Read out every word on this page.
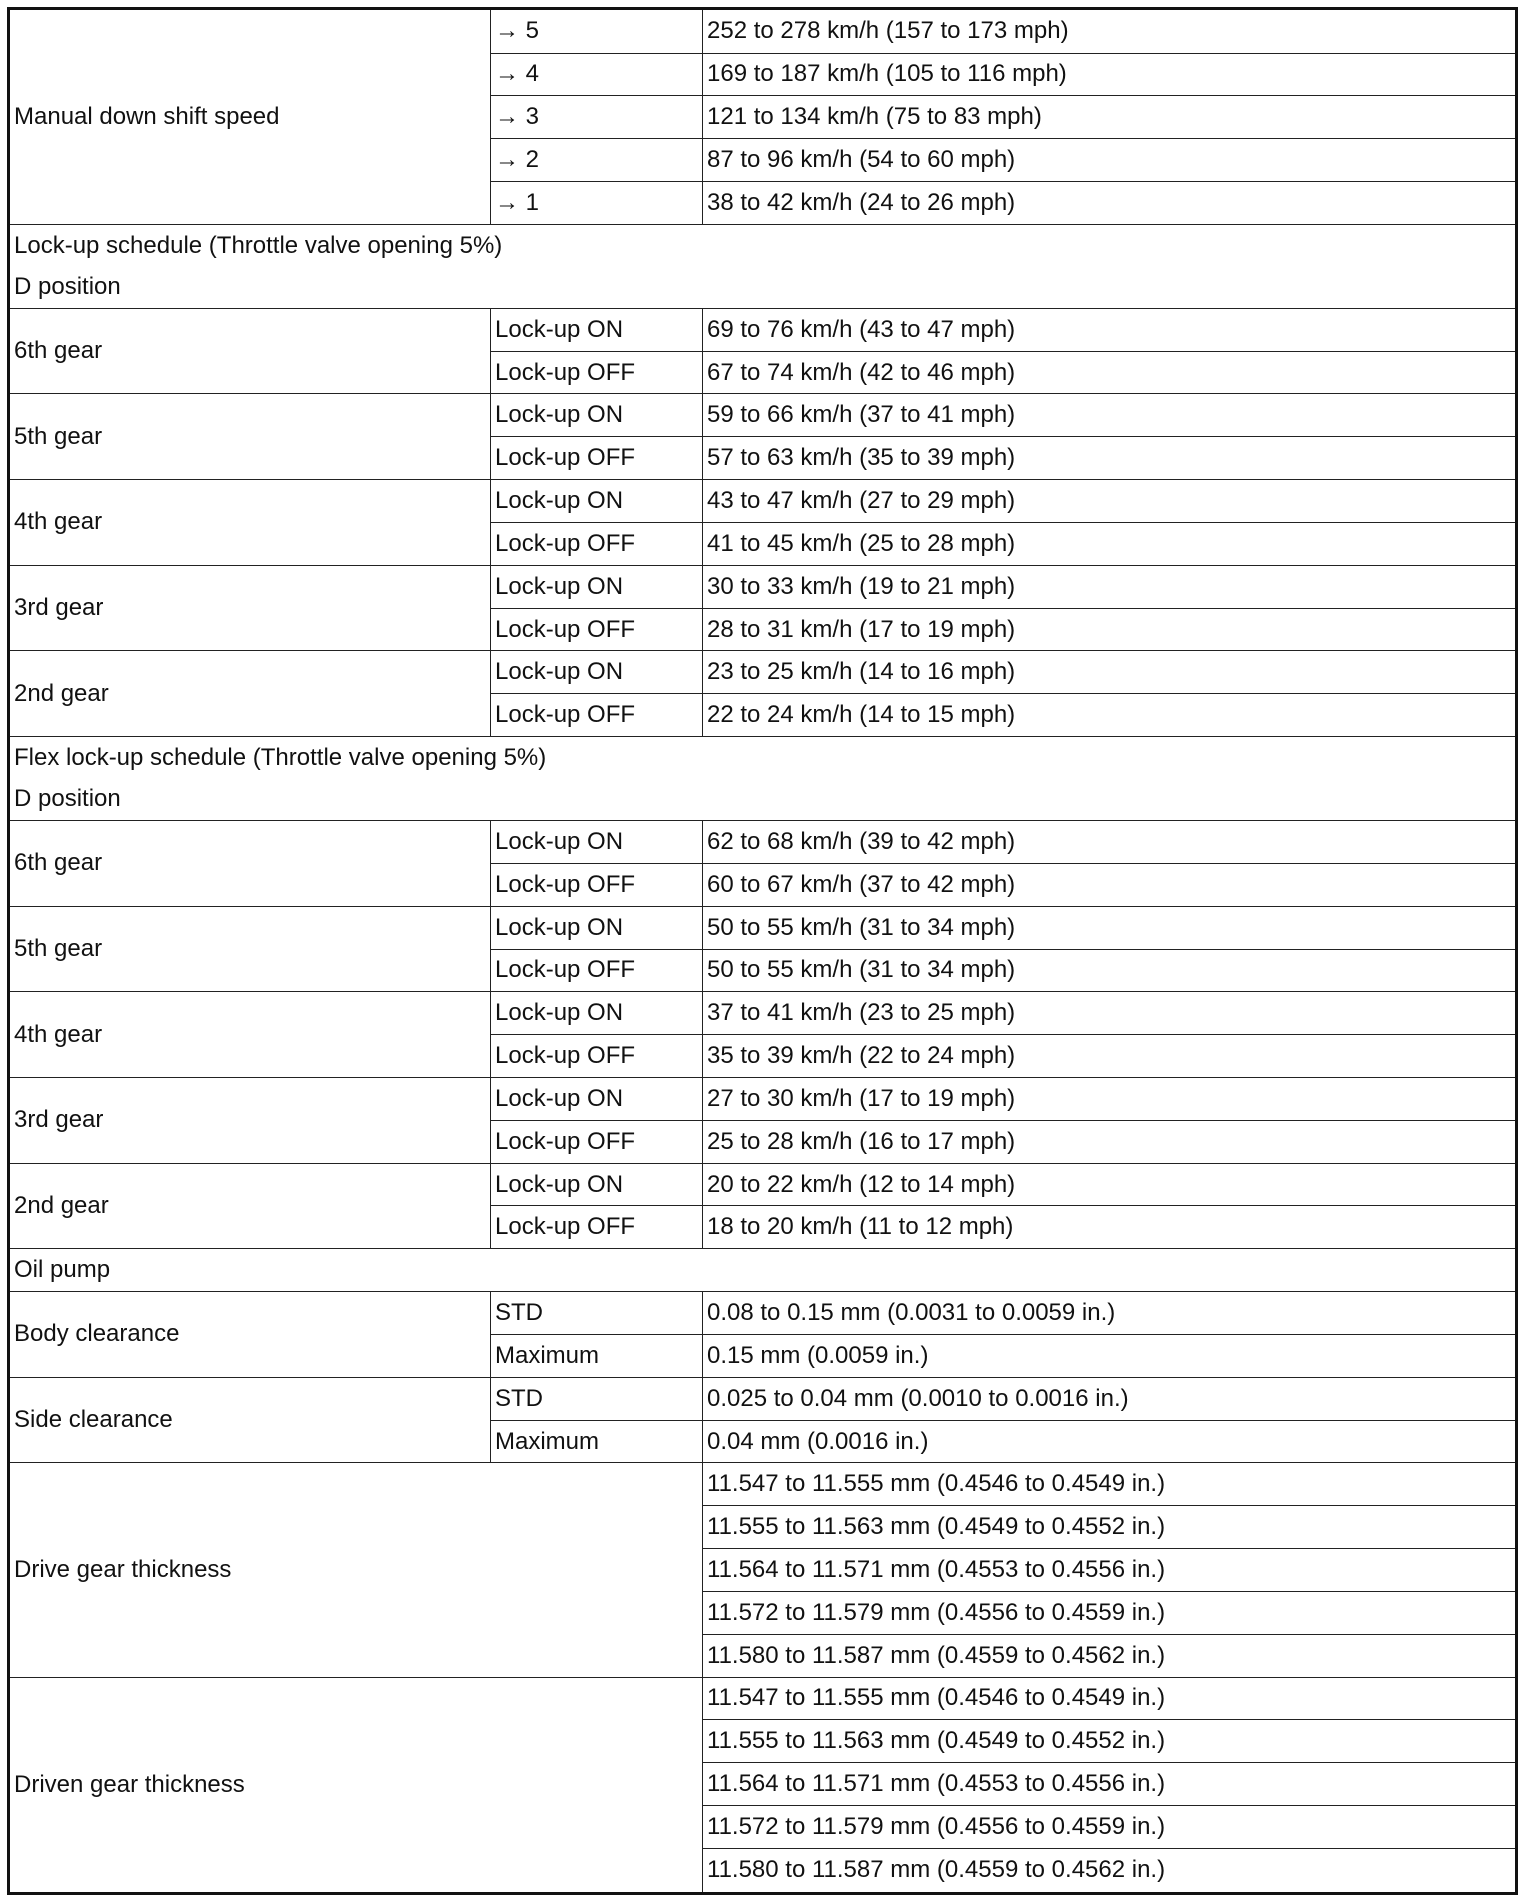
Manual down shift speed	→ 5	252 to 278 km/h (157 to 173 mph)
	→ 4	169 to 187 km/h (105 to 116 mph)
	→ 3	121 to 134 km/h (75 to 83 mph)
	→ 2	87 to 96 km/h (54 to 60 mph)
	→ 1	38 to 42 km/h (24 to 26 mph)
Lock-up schedule (Throttle valve opening 5%)		
D position		
6th gear	Lock-up ON	69 to 76 km/h (43 to 47 mph)
	Lock-up OFF	67 to 74 km/h (42 to 46 mph)
5th gear	Lock-up ON	59 to 66 km/h (37 to 41 mph)
	Lock-up OFF	57 to 63 km/h (35 to 39 mph)
4th gear	Lock-up ON	43 to 47 km/h (27 to 29 mph)
	Lock-up OFF	41 to 45 km/h (25 to 28 mph)
3rd gear	Lock-up ON	30 to 33 km/h (19 to 21 mph)
	Lock-up OFF	28 to 31 km/h (17 to 19 mph)
2nd gear	Lock-up ON	23 to 25 km/h (14 to 16 mph)
	Lock-up OFF	22 to 24 km/h (14 to 15 mph)
Flex lock-up schedule (Throttle valve opening 5%)		
D position		
6th gear	Lock-up ON	62 to 68 km/h (39 to 42 mph)
	Lock-up OFF	60 to 67 km/h (37 to 42 mph)
5th gear	Lock-up ON	50 to 55 km/h (31 to 34 mph)
	Lock-up OFF	50 to 55 km/h (31 to 34 mph)
4th gear	Lock-up ON	37 to 41 km/h (23 to 25 mph)
	Lock-up OFF	35 to 39 km/h (22 to 24 mph)
3rd gear	Lock-up ON	27 to 30 km/h (17 to 19 mph)
	Lock-up OFF	25 to 28 km/h (16 to 17 mph)
2nd gear	Lock-up ON	20 to 22 km/h (12 to 14 mph)
	Lock-up OFF	18 to 20 km/h (11 to 12 mph)
Oil pump		
Body clearance	STD	0.08 to 0.15 mm (0.0031 to 0.0059 in.)
	Maximum	0.15 mm (0.0059 in.)
Side clearance	STD	0.025 to 0.04 mm (0.0010 to 0.0016 in.)
	Maximum	0.04 mm (0.0016 in.)
Drive gear thickness		11.547 to 11.555 mm (0.4546 to 0.4549 in.)
		11.555 to 11.563 mm (0.4549 to 0.4552 in.)
		11.564 to 11.571 mm (0.4553 to 0.4556 in.)
		11.572 to 11.579 mm (0.4556 to 0.4559 in.)
		11.580 to 11.587 mm (0.4559 to 0.4562 in.)
Driven gear thickness		11.547 to 11.555 mm (0.4546 to 0.4549 in.)
		11.555 to 11.563 mm (0.4549 to 0.4552 in.)
		11.564 to 11.571 mm (0.4553 to 0.4556 in.)
		11.572 to 11.579 mm (0.4556 to 0.4559 in.)
		11.580 to 11.587 mm (0.4559 to 0.4562 in.)
